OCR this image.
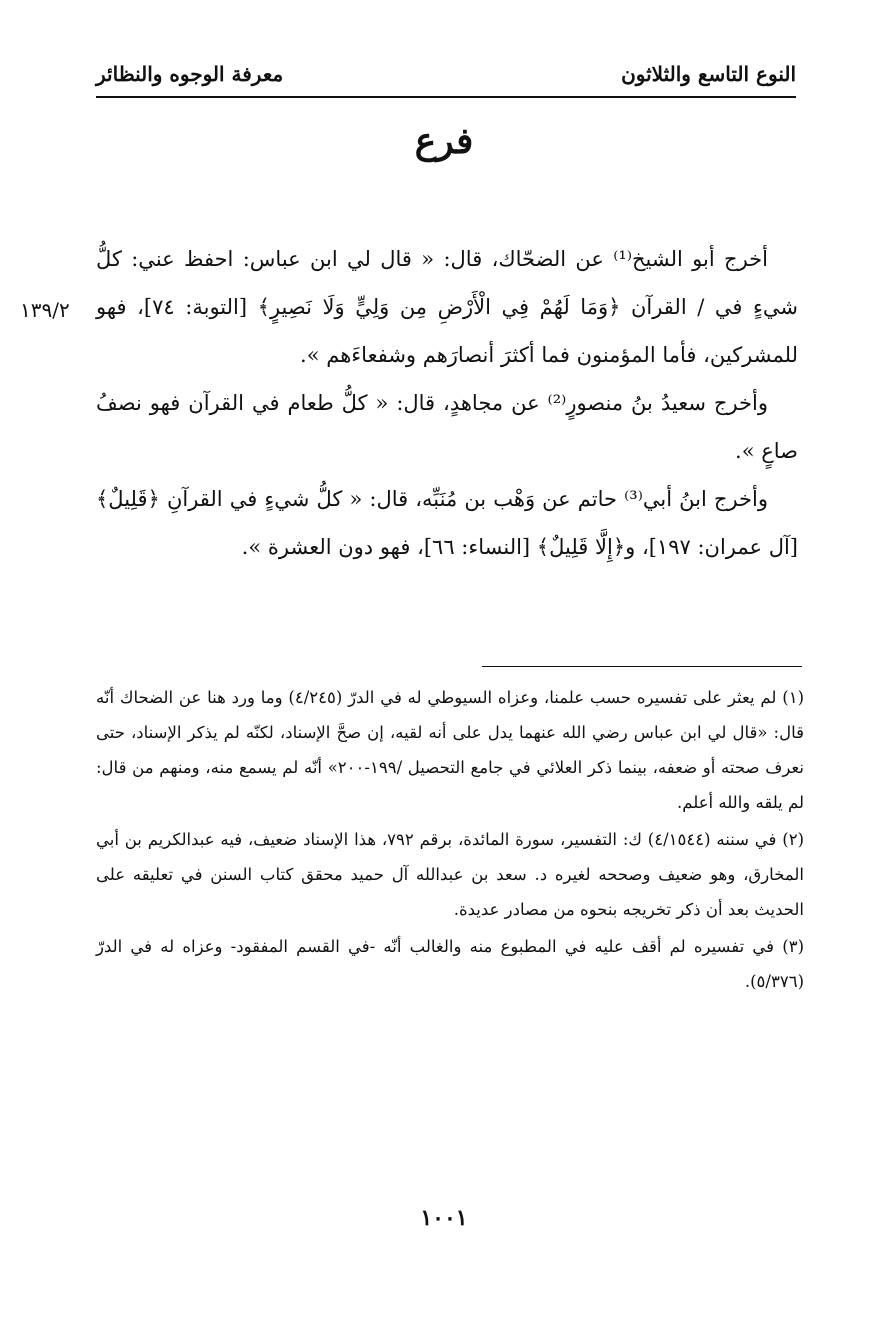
النوع التاسع والثلاثون
معرفة الوجوه والنظائر
فرع
١٣٩/٢

أخرج أبو الشيخ⁽¹⁾ عن الضحّاك، قال: « قال لي ابن عباس: احفظ عني: كلُّ شيءٍ في / القرآن ﴿وَمَا لَهُمْ فِي الْأَرْضِ مِن وَلِيٍّ وَلَا نَصِيرٍ﴾ [التوبة: ٧٤]، فهو للمشركين، فأما المؤمنون فما أكثرَ أنصارَهم وشفعاءَهم ».

وأخرج سعيدُ بنُ منصورٍ⁽²⁾ عن مجاهدٍ، قال: « كلُّ طعام في القرآن فهو نصفُ صاعٍ ».

وأخرج ابنُ أبي⁽³⁾ حاتم عن وَهْب بن مُنَبِّه، قال: « كلُّ شيءٍ في القرآنِ ﴿قَلِيلٌ﴾ [آل عمران: ١٩٧]، و﴿إِلَّا قَلِيلٌ﴾ [النساء: ٦٦]، فهو دون العشرة ».

(١) لم يعثر على تفسيره حسب علمنا، وعزاه السيوطي له في الدرّ (٤/٢٤٥) وما ورد هنا عن الضحاك أنّه قال: «قال لي ابن عباس رضي الله عنهما يدل على أنه لقيه، إن صحَّ الإسناد، لكنّه لم يذكر الإسناد، حتى نعرف صحته أو ضعفه، بينما ذكر العلائي في جامع التحصيل /١٩٩-٢٠٠» أنّه لم يسمع منه، ومنهم من قال: لم يلقه والله أعلم.

(٢) في سننه (٤/١٥٤٤) ك: التفسير، سورة المائدة، برقم ٧٩٢، هذا الإسناد ضعيف، فيه عبدالكريم بن أبي المخارق، وهو ضعيف وصححه لغيره د. سعد بن عبدالله آل حميد محقق كتاب السنن في تعليقه على الحديث بعد أن ذكر تخريجه بنحوه من مصادر عديدة.

(٣) في تفسيره لم أقف عليه في المطبوع منه والغالب أنّه -في القسم المفقود- وعزاه له في الدرّ (٥/٣٧٦).

١٠٠١
